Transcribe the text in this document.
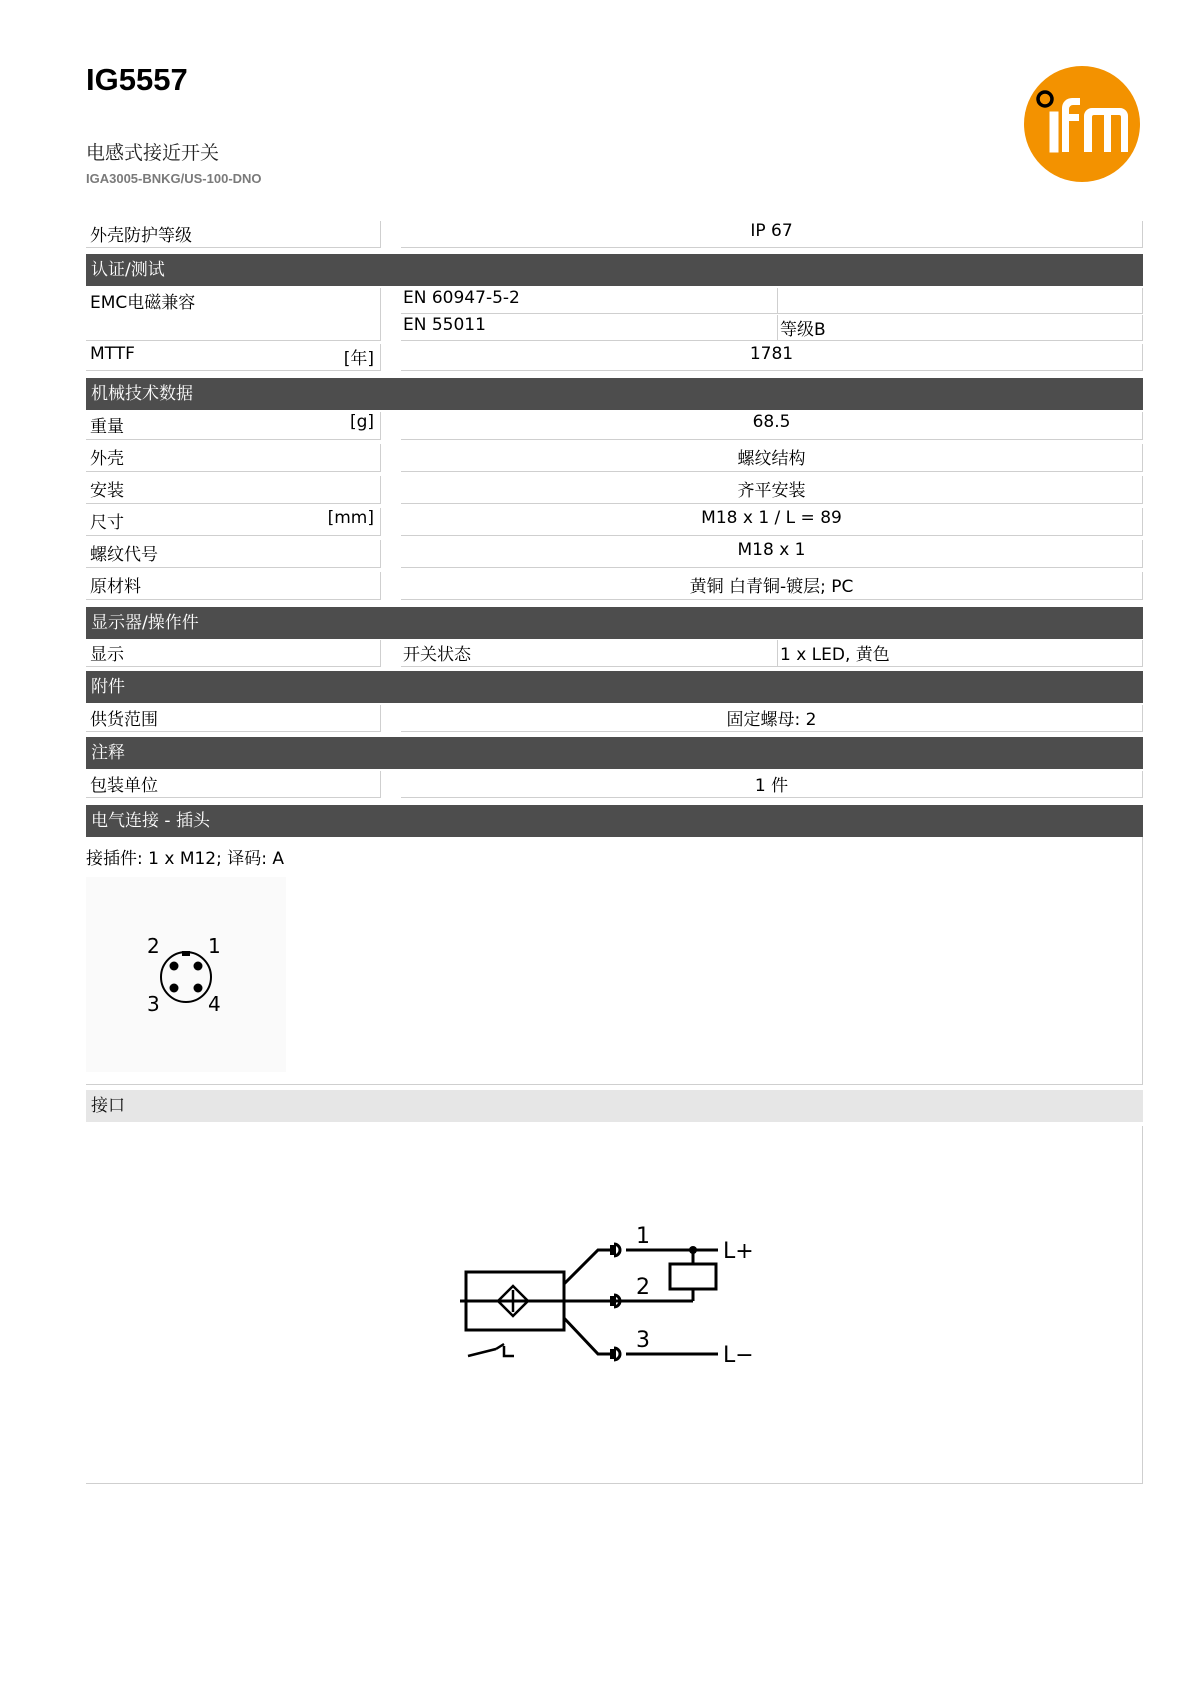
IG5557
电感式接近开关
IGA3005-BNKG/US-100-DNO
外壳防护等级	IP 67
认证/测试
EMC电磁兼容	EN 60947-5-2
EN 55011	等级B
MTTF	[年]	1781
机械技术数据
重量	[g]	68.5
外壳	螺纹结构
安装	齐平安装
尺寸	[mm]	M18 x 1 / L = 89
螺纹代号	M18 x 1
原材料	黄铜 白青铜-镀层; PC
显示器/操作件
显示	开关状态	1 x LED, 黄色
附件
供货范围	固定螺母: 2
注释
包装单位	1 件
电气连接 - 插头
接插件: 1 x M12; 译码: A
2 1
3 4
接口
1
2
3
L+
L−
